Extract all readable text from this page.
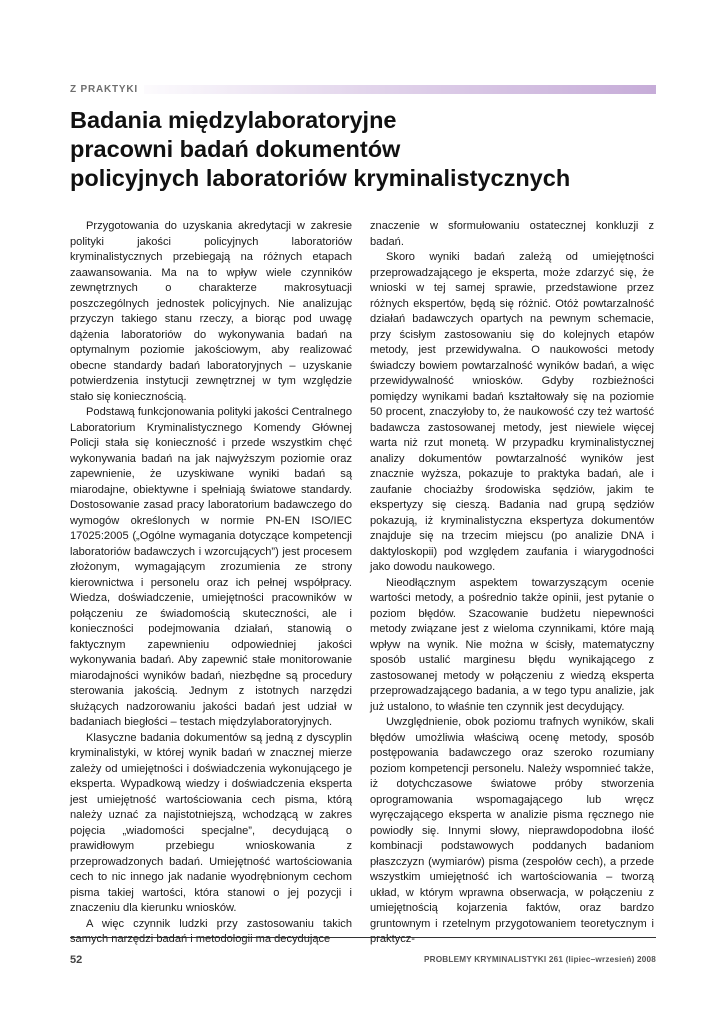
Z PRAKTYKI
Badania międzylaboratoryjne
pracowni badań dokumentów
policyjnych laboratoriów kryminalistycznych

Przygotowania do uzyskania akredytacji w zakresie polityki jakości policyjnych laboratoriów kryminalistycznych przebiegają na różnych etapach zaawansowania. Ma na to wpływ wiele czynników zewnętrznych o charakterze makrosytuacji poszczególnych jednostek policyjnych. Nie analizując przyczyn takiego stanu rzeczy, a biorąc pod uwagę dążenia laboratoriów do wykonywania badań na optymalnym poziomie jakościowym, aby realizować obecne standardy badań laboratoryjnych – uzyskanie potwierdzenia instytucji zewnętrznej w tym względzie stało się koniecznością.

Podstawą funkcjonowania polityki jakości Centralnego Laboratorium Kryminalistycznego Komendy Głównej Policji stała się konieczność i przede wszystkim chęć wykonywania badań na jak najwyższym poziomie oraz zapewnienie, że uzyskiwane wyniki badań są miarodajne, obiektywne i spełniają światowe standardy. Dostosowanie zasad pracy laboratorium badawczego do wymogów określonych w normie PN-EN ISO/IEC 17025:2005 („Ogólne wymagania dotyczące kompetencji laboratoriów badawczych i wzorcujących”) jest procesem złożonym, wymagającym zrozumienia ze strony kierownictwa i personelu oraz ich pełnej współpracy. Wiedza, doświadczenie, umiejętności pracowników w połączeniu ze świadomością skuteczności, ale i konieczności podejmowania działań, stanowią o faktycznym zapewnieniu odpowiedniej jakości wykonywania badań. Aby zapewnić stałe monitorowanie miarodajności wyników badań, niezbędne są procedury sterowania jakością. Jednym z istotnych narzędzi służących nadzorowaniu jakości badań jest udział w badaniach biegłości – testach międzylaboratoryjnych.

Klasyczne badania dokumentów są jedną z dyscyplin kryminalistyki, w której wynik badań w znacznej mierze zależy od umiejętności i doświadczenia wykonującego je eksperta. Wypadkową wiedzy i doświadczenia eksperta jest umiejętność wartościowania cech pisma, którą należy uznać za najistotniejszą, wchodzącą w zakres pojęcia „wiadomości specjalne”, decydującą o prawidłowym przebiegu wnioskowania z przeprowadzonych badań. Umiejętność wartościowania cech to nic innego jak nadanie wyodrębnionym cechom pisma takiej wartości, która stanowi o jej pozycji i znaczeniu dla kierunku wniosków.

A więc czynnik ludzki przy zastosowaniu takich samych narzędzi badań i metodologii ma decydujące

znaczenie w sformułowaniu ostatecznej konkluzji z badań.

Skoro wyniki badań zależą od umiejętności przeprowadzającego je eksperta, może zdarzyć się, że wnioski w tej samej sprawie, przedstawione przez różnych ekspertów, będą się różnić. Otóż powtarzalność działań badawczych opartych na pewnym schemacie, przy ścisłym zastosowaniu się do kolejnych etapów metody, jest przewidywalna. O naukowości metody świadczy bowiem powtarzalność wyników badań, a więc przewidywalność wniosków. Gdyby rozbieżności pomiędzy wynikami badań kształtowały się na poziomie 50 procent, znaczyłoby to, że naukowość czy też wartość badawcza zastosowanej metody, jest niewiele więcej warta niż rzut monetą. W przypadku kryminalistycznej analizy dokumentów powtarzalność wyników jest znacznie wyższa, pokazuje to praktyka badań, ale i zaufanie chociażby środowiska sędziów, jakim te ekspertyzy się cieszą. Badania nad grupą sędziów pokazują, iż kryminalistyczna ekspertyza dokumentów znajduje się na trzecim miejscu (po analizie DNA i daktyloskopii) pod względem zaufania i wiarygodności jako dowodu naukowego.

Nieodłącznym aspektem towarzyszącym ocenie wartości metody, a pośrednio także opinii, jest pytanie o poziom błędów. Szacowanie budżetu niepewności metody związane jest z wieloma czynnikami, które mają wpływ na wynik. Nie można w ścisły, matematyczny sposób ustalić marginesu błędu wynikającego z zastosowanej metody w połączeniu z wiedzą eksperta przeprowadzającego badania, a w tego typu analizie, jak już ustalono, to właśnie ten czynnik jest decydujący.

Uwzględnienie, obok poziomu trafnych wyników, skali błędów umożliwia właściwą ocenę metody, sposób postępowania badawczego oraz szeroko rozumiany poziom kompetencji personelu. Należy wspomnieć także, iż dotychczasowe światowe próby stworzenia oprogramowania wspomagającego lub wręcz wyręczającego eksperta w analizie pisma ręcznego nie powiodły się. Innymi słowy, nieprawdopodobna ilość kombinacji podstawowych poddanych badaniom płaszczyzn (wymiarów) pisma (zespołów cech), a przede wszystkim umiejętność ich wartościowania – tworzą układ, w którym wprawna obserwacja, w połączeniu z umiejętnością kojarzenia faktów, oraz bardzo gruntownym i rzetelnym przygotowaniem teoretycznym i praktycz-

52	PROBLEMY KRYMINALISTYKI 261 (lipiec–wrzesień) 2008
